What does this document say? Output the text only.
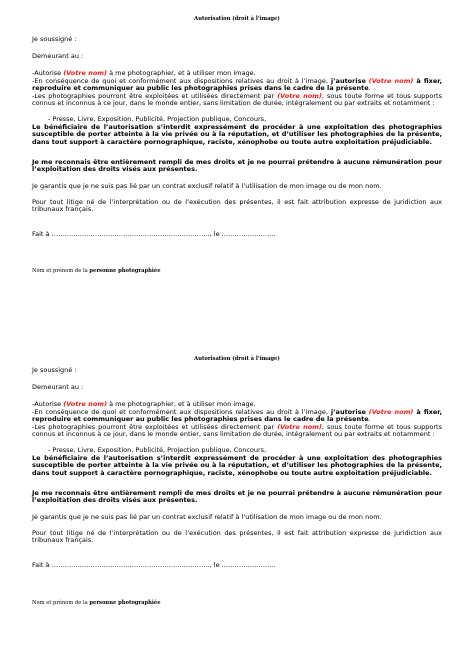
Autorisation (droit à l’image)
Je soussigné :
Demeurant au :
-Autorise (Votre nom) à me photographier, et à utiliser mon image.
-En conséquence de quoi et conformément aux dispositions relatives au droit à l’image, j’autorise (Votre nom) à fixer, reproduire et communiquer au public les photographies prises dans le cadre de la présente.
-Les photographies pourront être exploitées et utilisées directement par (Votre nom), sous toute forme et tous supports connus et inconnus à ce jour, dans le monde entier, sans limitation de durée, intégralement ou par extraits et notamment :
- Presse, Livre, Exposition, Publicité, Projection publique, Concours,
Le bénéficiaire de l’autorisation s’interdit expressément de procéder à une exploitation des photographies susceptible de porter atteinte à la vie privée ou à la réputation, et d’utiliser les photographies de la présente, dans tout support à caractère pornographique, raciste, xénophobe ou toute autre exploitation préjudiciable.
Je me reconnais être entièrement rempli de mes droits et je ne pourrai prétendre à aucune rémunération pour l’exploitation des droits visés aux présentes.
Je garantis que je ne suis pas lié par un contrat exclusif relatif à l’utilisation de mon image ou de mon nom.
Pour tout litige né de l’interprétation ou de l’exécution des présentes, il est fait attribution expresse de juridiction aux tribunaux français.
Fait à ………………………………………………………………., le …………………….
Nom et prénom de la personne photographiée
Autorisation (droit à l’image)
Je soussigné :
Demeurant au :
-Autorise (Votre nom) à me photographier, et à utiliser mon image.
-En conséquence de quoi et conformément aux dispositions relatives au droit à l’image, j’autorise (Votre nom) à fixer, reproduire et communiquer au public les photographies prises dans le cadre de la présente.
-Les photographies pourront être exploitées et utilisées directement par (Votre nom), sous toute forme et tous supports connus et inconnus à ce jour, dans le monde entier, sans limitation de durée, intégralement ou par extraits et notamment :
- Presse, Livre, Exposition, Publicité, Projection publique, Concours,
Le bénéficiaire de l’autorisation s’interdit expressément de procéder à une exploitation des photographies susceptible de porter atteinte à la vie privée ou à la réputation, et d’utiliser les photographies de la présente, dans tout support à caractère pornographique, raciste, xénophobe ou toute autre exploitation préjudiciable.
Je me reconnais être entièrement rempli de mes droits et je ne pourrai prétendre à aucune rémunération pour l’exploitation des droits visés aux présentes.
Je garantis que je ne suis pas lié par un contrat exclusif relatif à l’utilisation de mon image ou de mon nom.
Pour tout litige né de l’interprétation ou de l’exécution des présentes, il est fait attribution expresse de juridiction aux tribunaux français.
Fait à ………………………………………………………………., le …………………….
Nom et prénom de la personne photographiée
